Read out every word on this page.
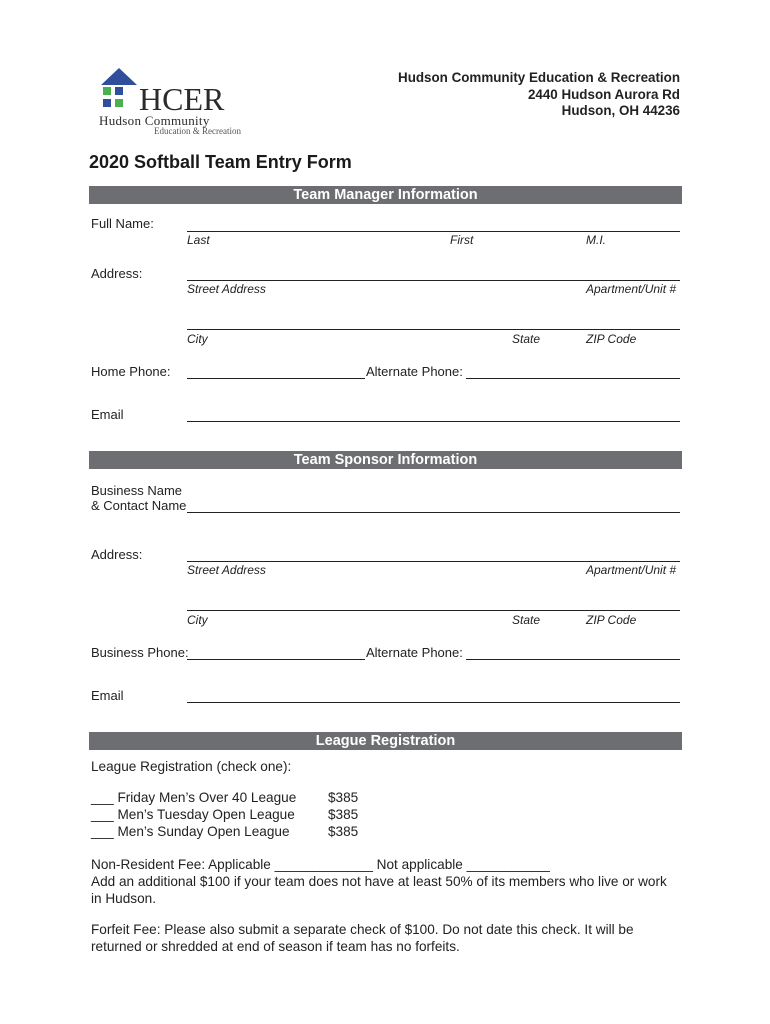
HCER
Hudson Community
Education & Recreation
Hudson Community Education & Recreation
2440 Hudson Aurora Rd
Hudson, OH 44236
2020 Softball Team Entry Form
Team Manager Information
Full Name:
Last	First	M.I.
Address:
Street Address	Apartment/Unit #
City	State	ZIP Code
Home Phone:	Alternate Phone:
Email
Team Sponsor Information
Business Name
& Contact Name
Address:
Street Address	Apartment/Unit #
City	State	ZIP Code
Business Phone:	Alternate Phone:
Email
League Registration
League Registration (check one):
___ Friday Men’s Over 40 League $385
___ Men’s Tuesday Open League $385
___ Men’s Sunday Open League	$385
Non-Resident Fee: Applicable _____________ Not applicable ___________
Add an additional $100 if your team does not have at least 50% of its members who live or work
in Hudson.
Forfeit Fee: Please also submit a separate check of $100. Do not date this check. It will be
returned or shredded at end of season if team has no forfeits.
